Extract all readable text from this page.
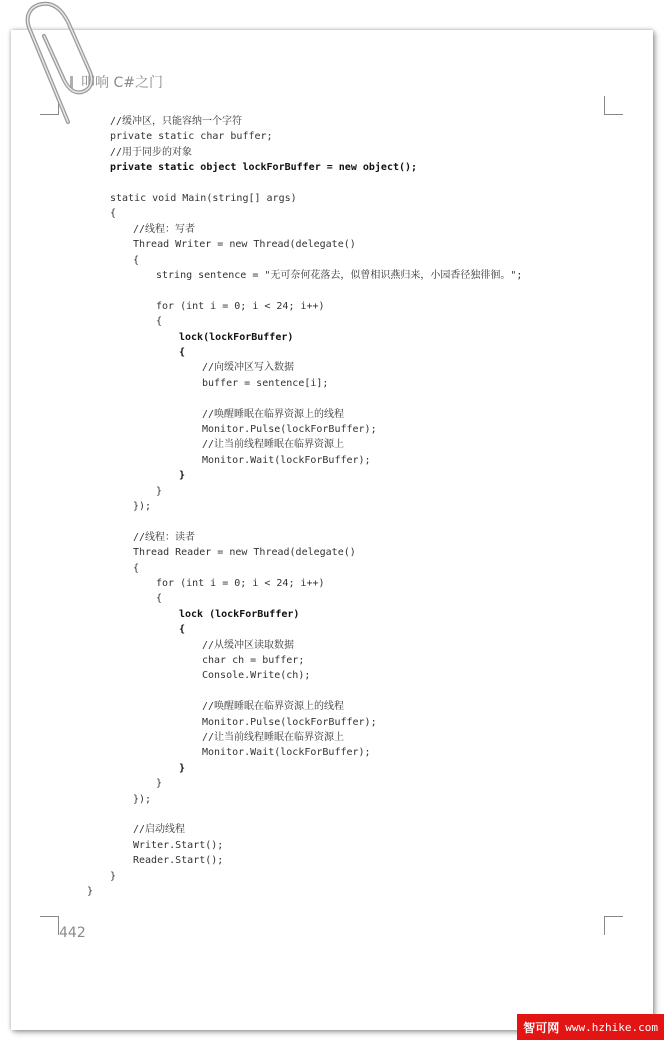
叩响 C#之门
//缓冲区，只能容纳一个字符
private static char buffer;
//用于同步的对象
private static object lockForBuffer = new object();
static void Main(string[] args)
{
//线程：写者
Thread Writer = new Thread(delegate()
{
string sentence = "无可奈何花落去，似曾相识燕归来，小园香径独徘徊。";
for (int i = 0; i < 24; i++)
{
lock(lockForBuffer)
{
//向缓冲区写入数据
buffer = sentence[i];
//唤醒睡眠在临界资源上的线程
Monitor.Pulse(lockForBuffer);
//让当前线程睡眠在临界资源上
Monitor.Wait(lockForBuffer);
}
}
});
//线程：读者
Thread Reader = new Thread(delegate()
{
for (int i = 0; i < 24; i++)
{
lock (lockForBuffer)
{
//从缓冲区读取数据
char ch = buffer;
Console.Write(ch);
//唤醒睡眠在临界资源上的线程
Monitor.Pulse(lockForBuffer);
//让当前线程睡眠在临界资源上
Monitor.Wait(lockForBuffer);
}
}
});
//启动线程
Writer.Start();
Reader.Start();
}
}
442
智可网 www.hzhike.com
